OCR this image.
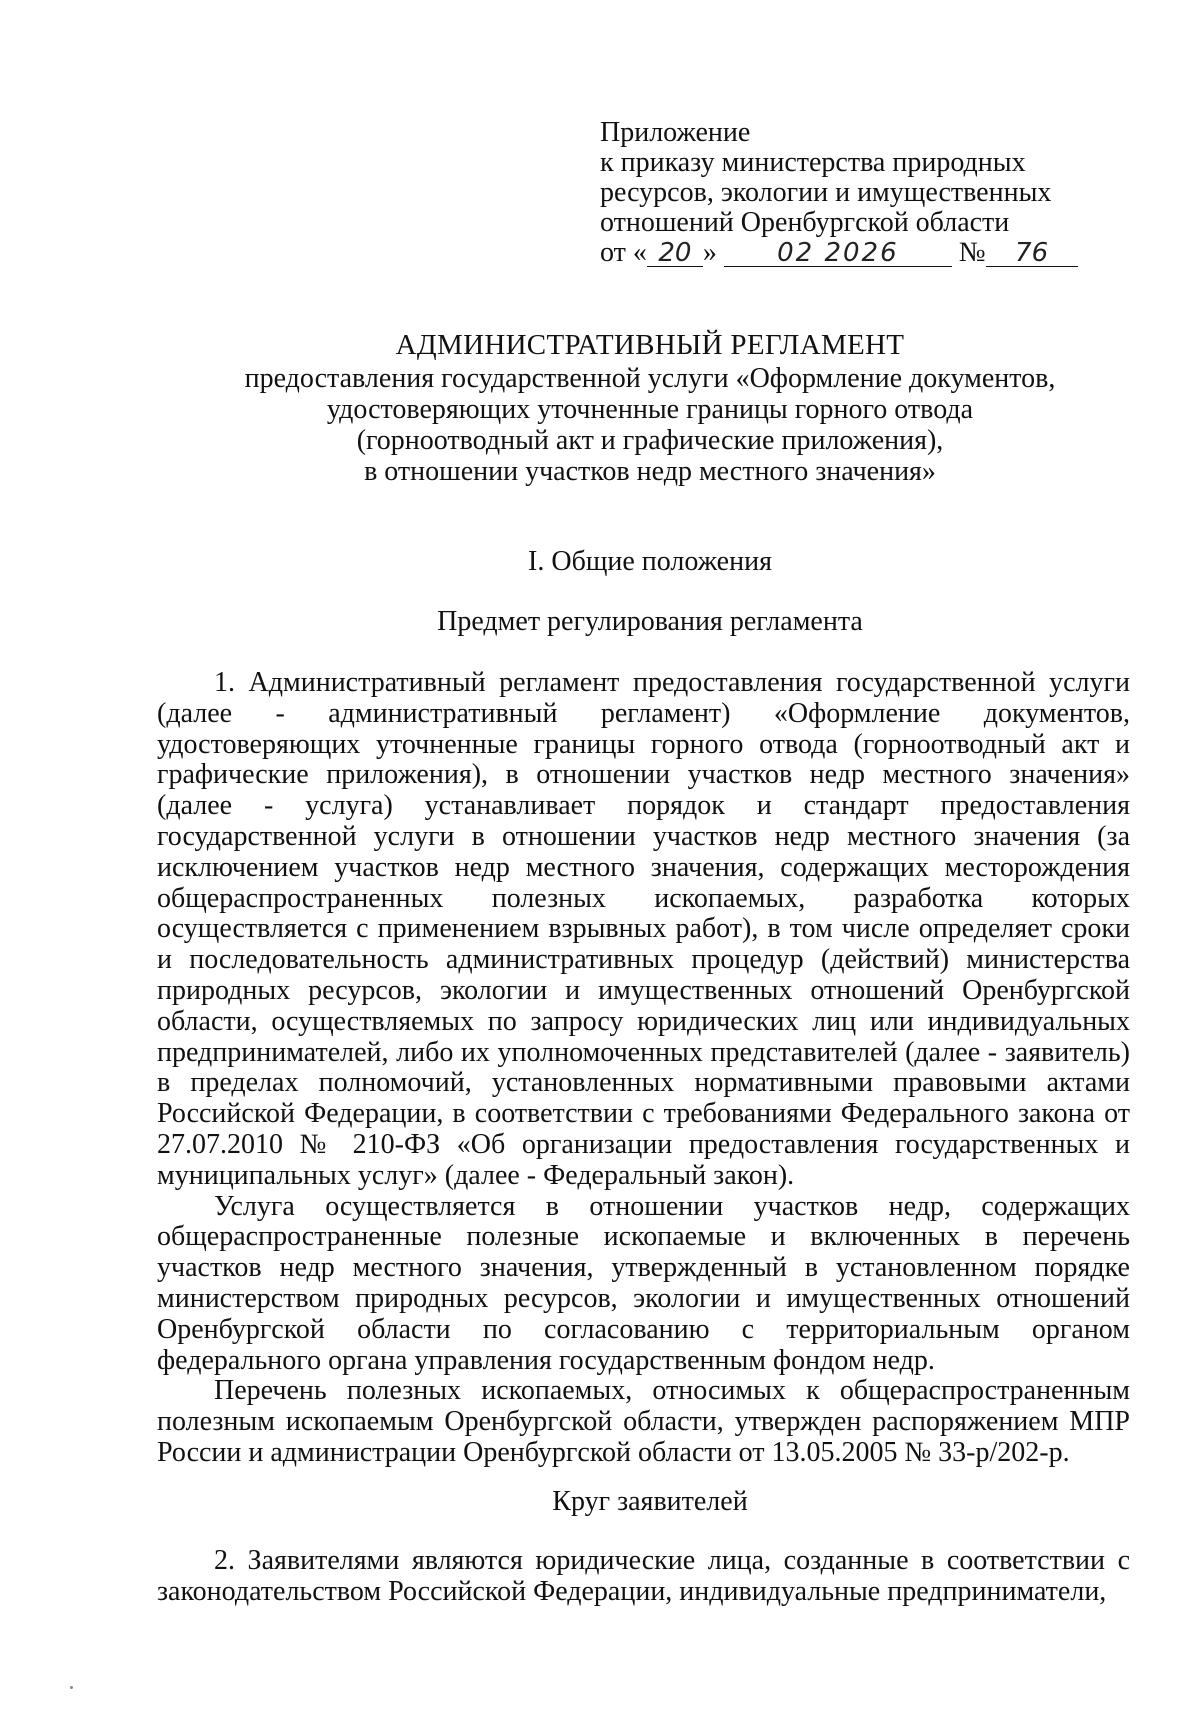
Приложение
к приказу министерства природных
ресурсов, экологии и имущественных
отношений Оренбургской области
от « 20 » 02 2026 № 76
АДМИНИСТРАТИВНЫЙ РЕГЛАМЕНТ
предоставления государственной услуги «Оформление документов,
удостоверяющих уточненные границы горного отвода
(горноотводный акт и графические приложения),
в отношении участков недр местного значения»
I. Общие положения
Предмет регулирования регламента

1. Административный регламент предоставления государственной услуги (далее - административный регламент) «Оформление документов, удостоверяющих уточненные границы горного отвода (горноотводный акт и графические приложения), в отношении участков недр местного значения» (далее - услуга) устанавливает порядок и стандарт предоставления государственной услуги в отношении участков недр местного значения (за исключением участков недр местного значения, содержащих месторождения общераспространенных полезных ископаемых, разработка которых осуществляется с применением взрывных работ), в том числе определяет сроки и последовательность административных процедур (действий) министерства природных ресурсов, экологии и имущественных отношений Оренбургской области, осуществляемых по запросу юридических лиц или индивидуальных предпринимателей, либо их уполномоченных представителей (далее - заявитель) в пределах полномочий, установленных нормативными правовыми актами Российской Федерации, в соответствии с требованиями Федерального закона от 27.07.2010 № 210-ФЗ «Об организации предоставления государственных и муниципальных услуг» (далее - Федеральный закон).

Услуга осуществляется в отношении участков недр, содержащих общераспространенные полезные ископаемые и включенных в перечень участков недр местного значения, утвержденный в установленном порядке министерством природных ресурсов, экологии и имущественных отношений Оренбургской области по согласованию с территориальным органом федерального органа управления государственным фондом недр.

Перечень полезных ископаемых, относимых к общераспространенным полезным ископаемым Оренбургской области, утвержден распоряжением МПР России и администрации Оренбургской области от 13.05.2005 № 33-р/202-р.

Круг заявителей

2. Заявителями являются юридические лица, созданные в соответствии с законодательством Российской Федерации, индивидуальные предприниматели,
